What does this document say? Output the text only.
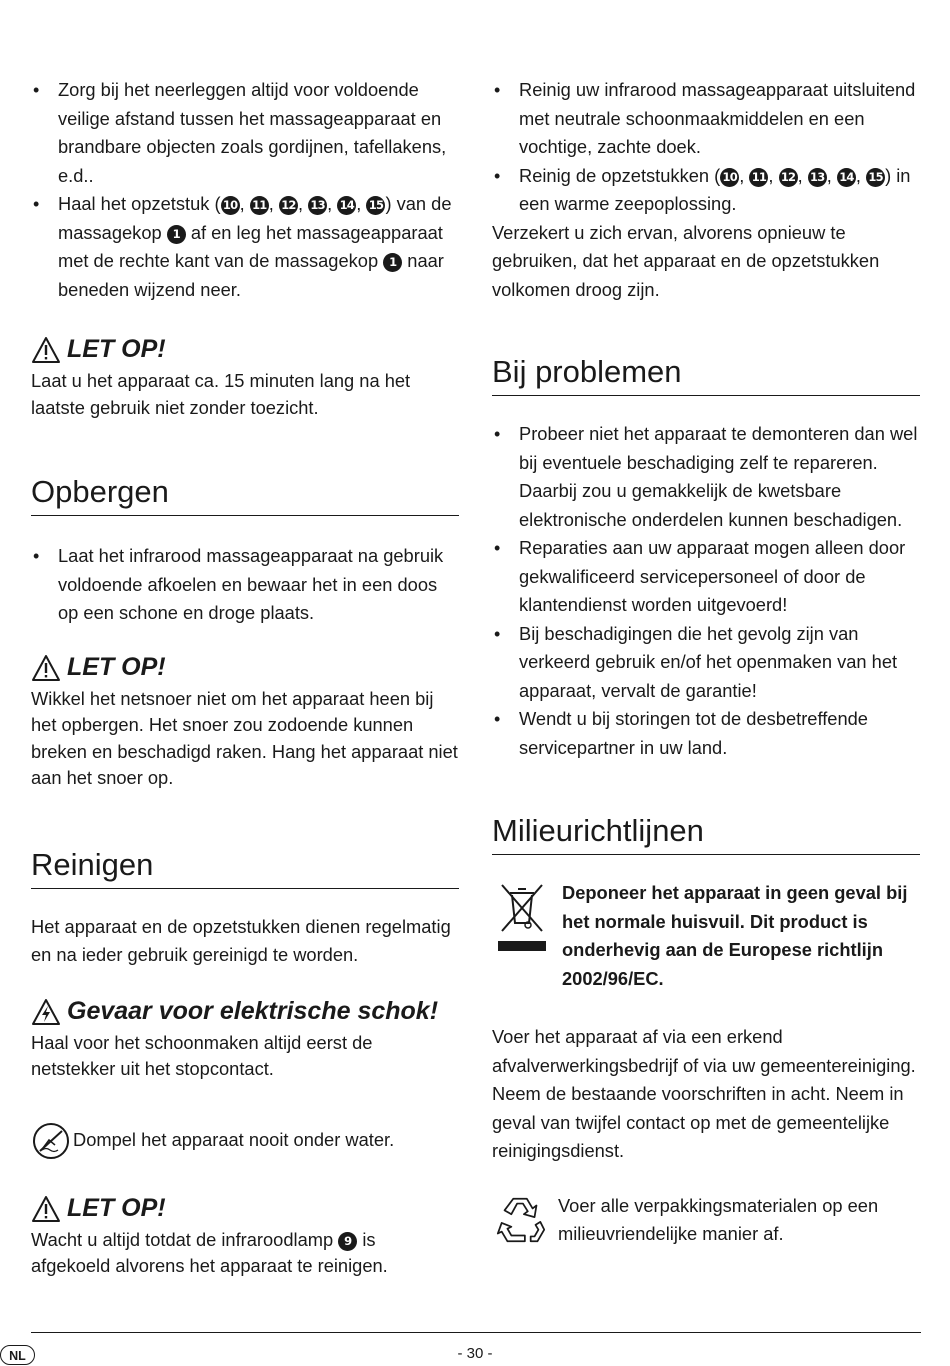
• Zorg bij het neerleggen altijd voor voldoende veilige afstand tussen het massageapparaat en brandbare objecten zoals gordijnen, tafellakens, e.d..
• Haal het opzetstuk ( 10 , 11 , 12 , 13 , 14 , 15 ) van de massagekop 1 af en leg het massageapparaat met de rechte kant van de massagekop 1 naar beneden wijzend neer.
LET OP!

Laat u het apparaat ca. 15 minuten lang na het laatste gebruik niet zonder toezicht.

Opbergen
• Laat het infrarood massageapparaat na gebruik voldoende afkoelen en bewaar het in een doos op een schone en droge plaats.
LET OP!

Wikkel het netsnoer niet om het apparaat heen bij het opbergen. Het snoer zou zodoende kunnen breken en beschadigd raken. Hang het apparaat niet aan het snoer op.

Reinigen

Het apparaat en de opzetstukken dienen regelmatig en na ieder gebruik gereinigd te worden.

Gevaar voor elektrische schok!

Haal voor het schoonmaken altijd eerst de netstekker uit het stopcontact.

Dompel het apparaat nooit onder water.

LET OP!

Wacht u altijd totdat de infraroodlamp 9 is afgekoeld alvorens het apparaat te reinigen.

• Reinig uw infrarood massageapparaat uitsluitend met neutrale schoonmaakmiddelen en een vochtige, zachte doek.
• Reinig de opzetstukken ( 10 , 11 , 12 , 13 , 14 , 15 ) in een warme zeepoplossing.

Verzekert u zich ervan, alvorens opnieuw te gebruiken, dat het apparaat en de opzetstukken volkomen droog zijn.

Bij problemen
• Probeer niet het apparaat te demonteren dan wel bij eventuele beschadiging zelf te repareren. Daarbij zou u gemakkelijk de kwetsbare elektronische onderdelen kunnen beschadigen.
• Reparaties aan uw apparaat mogen alleen door gekwalificeerd servicepersoneel of door de klantendienst worden uitgevoerd!
• Bij beschadigingen die het gevolg zijn van verkeerd gebruik en/of het openmaken van het apparaat, vervalt de garantie!
• Wendt u bij storingen tot de desbetreffende servicepartner in uw land.
Milieurichtlijnen

Deponeer het apparaat in geen geval bij het normale huisvuil. Dit product is onderhevig aan de Europese richtlijn 2002/96/EC.

Voer het apparaat af via een erkend afvalverwerkingsbedrijf of via uw gemeentereiniging.

Neem de bestaande voorschriften in acht. Neem in geval van twijfel contact op met de gemeentelijke reinigingsdienst.

Voer alle verpakkingsmaterialen op een milieuvriendelijke manier af.

NL	- 30 -
